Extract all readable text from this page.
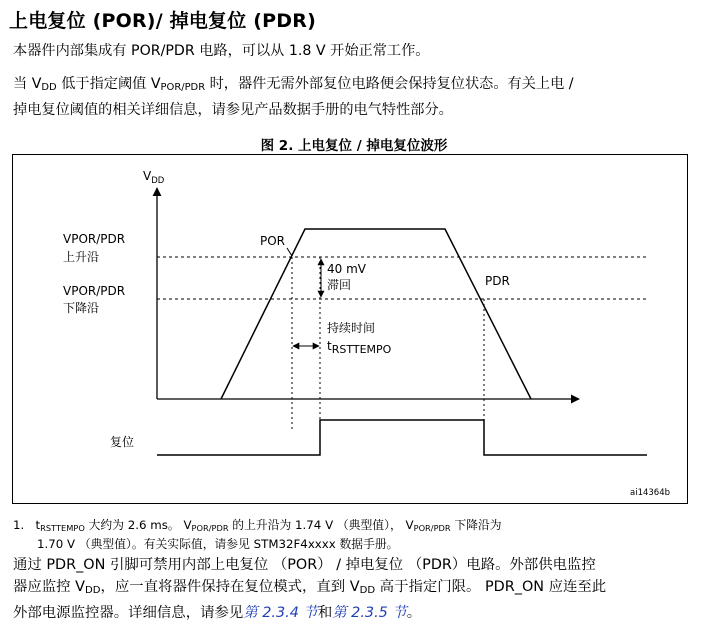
上电复位 (POR)/ 掉电复位 (PDR)
本器件内部集成有 POR/PDR 电路，可以从 1.8 V 开始正常工作。
当 $V_{DD}$ 低于指定阈值 $V_{POR/PDR}$ 时，器件无需外部复位电路便会保持复位状态。有关上电 /
掉电复位阈值的相关详细信息，请参见产品数据手册的电气特性部分。
图 2. 上电复位 / 掉电复位波形
$V_{DD}$
VPOR/PDR
上升沿
VPOR/PDR
下降沿
POR
PDR
40 mV
滞回
持续时间
tRSTTEMPO
复位
ai14364b
1. $t_{RSTTEMPO}$ 大约为 2.6 ms。 $V_{POR/PDR}$ 的上升沿为 1.74 V （典型值）， $V_{POR/PDR}$ 下降沿为
1.70 V （典型值）。有关实际值，请参见 STM32F4xxxx 数据手册。
通过 PDR_ON 引脚可禁用内部上电复位 （POR） / 掉电复位 （PDR）电路。外部供电监控
器应监控 $V_{DD}$，应一直将器件保持在复位模式，直到 $V_{DD}$ 高于指定门限。 PDR_ON 应连至此
外部电源监控器。详细信息，请参见第 2.3.4 节和第 2.3.5 节。
